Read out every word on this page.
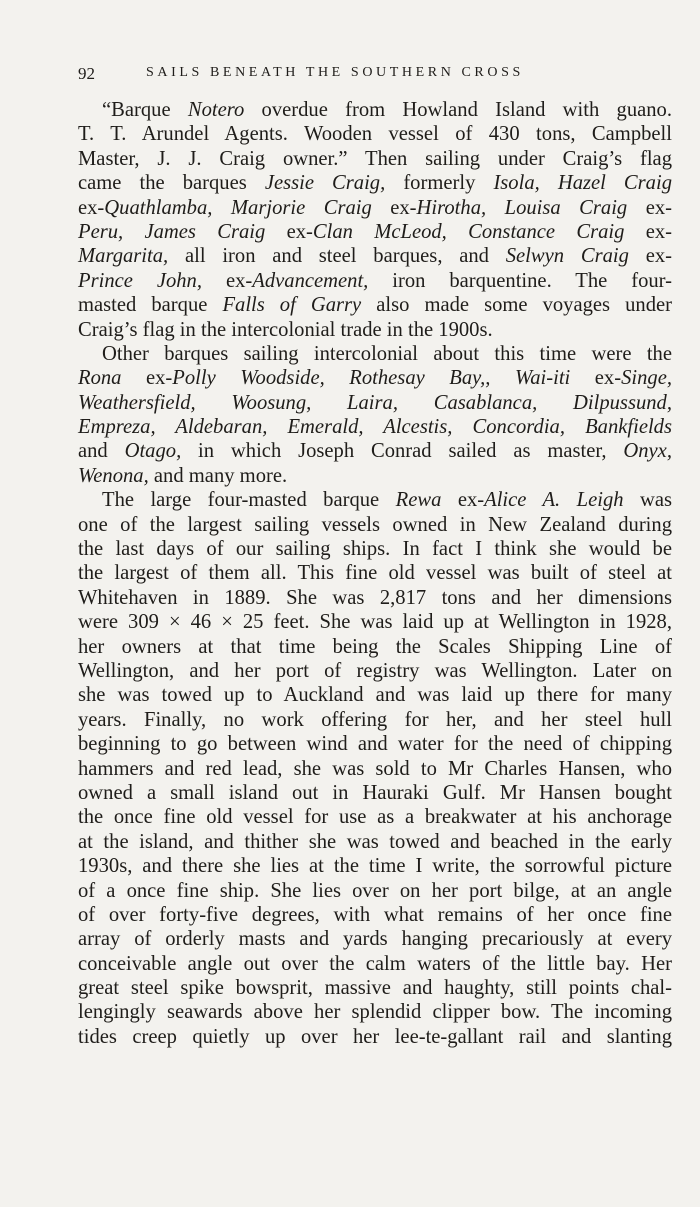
92	SAILS BENEATH THE SOUTHERN CROSS
“Barque Notero overdue from Howland Island with guano.
T. T. Arundel Agents. Wooden vessel of 430 tons, Campbell
Master, J. J. Craig owner.” Then sailing under Craig’s flag
came the barques Jessie Craig, formerly Isola, Hazel Craig
ex-Quathlamba, Marjorie Craig ex-Hirotha, Louisa Craig ex-
Peru, James Craig ex-Clan McLeod, Constance Craig ex-
Margarita, all iron and steel barques, and Selwyn Craig ex-
Prince John, ex-Advancement, iron barquentine. The four-
masted barque Falls of Garry also made some voyages under
Craig’s flag in the intercolonial trade in the 1900s.
Other barques sailing intercolonial about this time were the
Rona ex-Polly Woodside, Rothesay Bay,, Wai-iti ex-Singe,
Weathersfield, Woosung, Laira, Casablanca, Dilpussund,
Empreza, Aldebaran, Emerald, Alcestis, Concordia, Bankfields
and Otago, in which Joseph Conrad sailed as master, Onyx,
Wenona, and many more.
The large four-masted barque Rewa ex-Alice A. Leigh was
one of the largest sailing vessels owned in New Zealand during
the last days of our sailing ships. In fact I think she would be
the largest of them all. This fine old vessel was built of steel at
Whitehaven in 1889. She was 2,817 tons and her dimensions
were 309 × 46 × 25 feet. She was laid up at Wellington in 1928,
her owners at that time being the Scales Shipping Line of
Wellington, and her port of registry was Wellington. Later on
she was towed up to Auckland and was laid up there for many
years. Finally, no work offering for her, and her steel hull
beginning to go between wind and water for the need of chipping
hammers and red lead, she was sold to Mr Charles Hansen, who
owned a small island out in Hauraki Gulf. Mr Hansen bought
the once fine old vessel for use as a breakwater at his anchorage
at the island, and thither she was towed and beached in the early
1930s, and there she lies at the time I write, the sorrowful picture
of a once fine ship. She lies over on her port bilge, at an angle
of over forty-five degrees, with what remains of her once fine
array of orderly masts and yards hanging precariously at every
conceivable angle out over the calm waters of the little bay. Her
great steel spike bowsprit, massive and haughty, still points chal-
lengingly seawards above her splendid clipper bow. The incoming
tides creep quietly up over her lee-te-gallant rail and slanting
